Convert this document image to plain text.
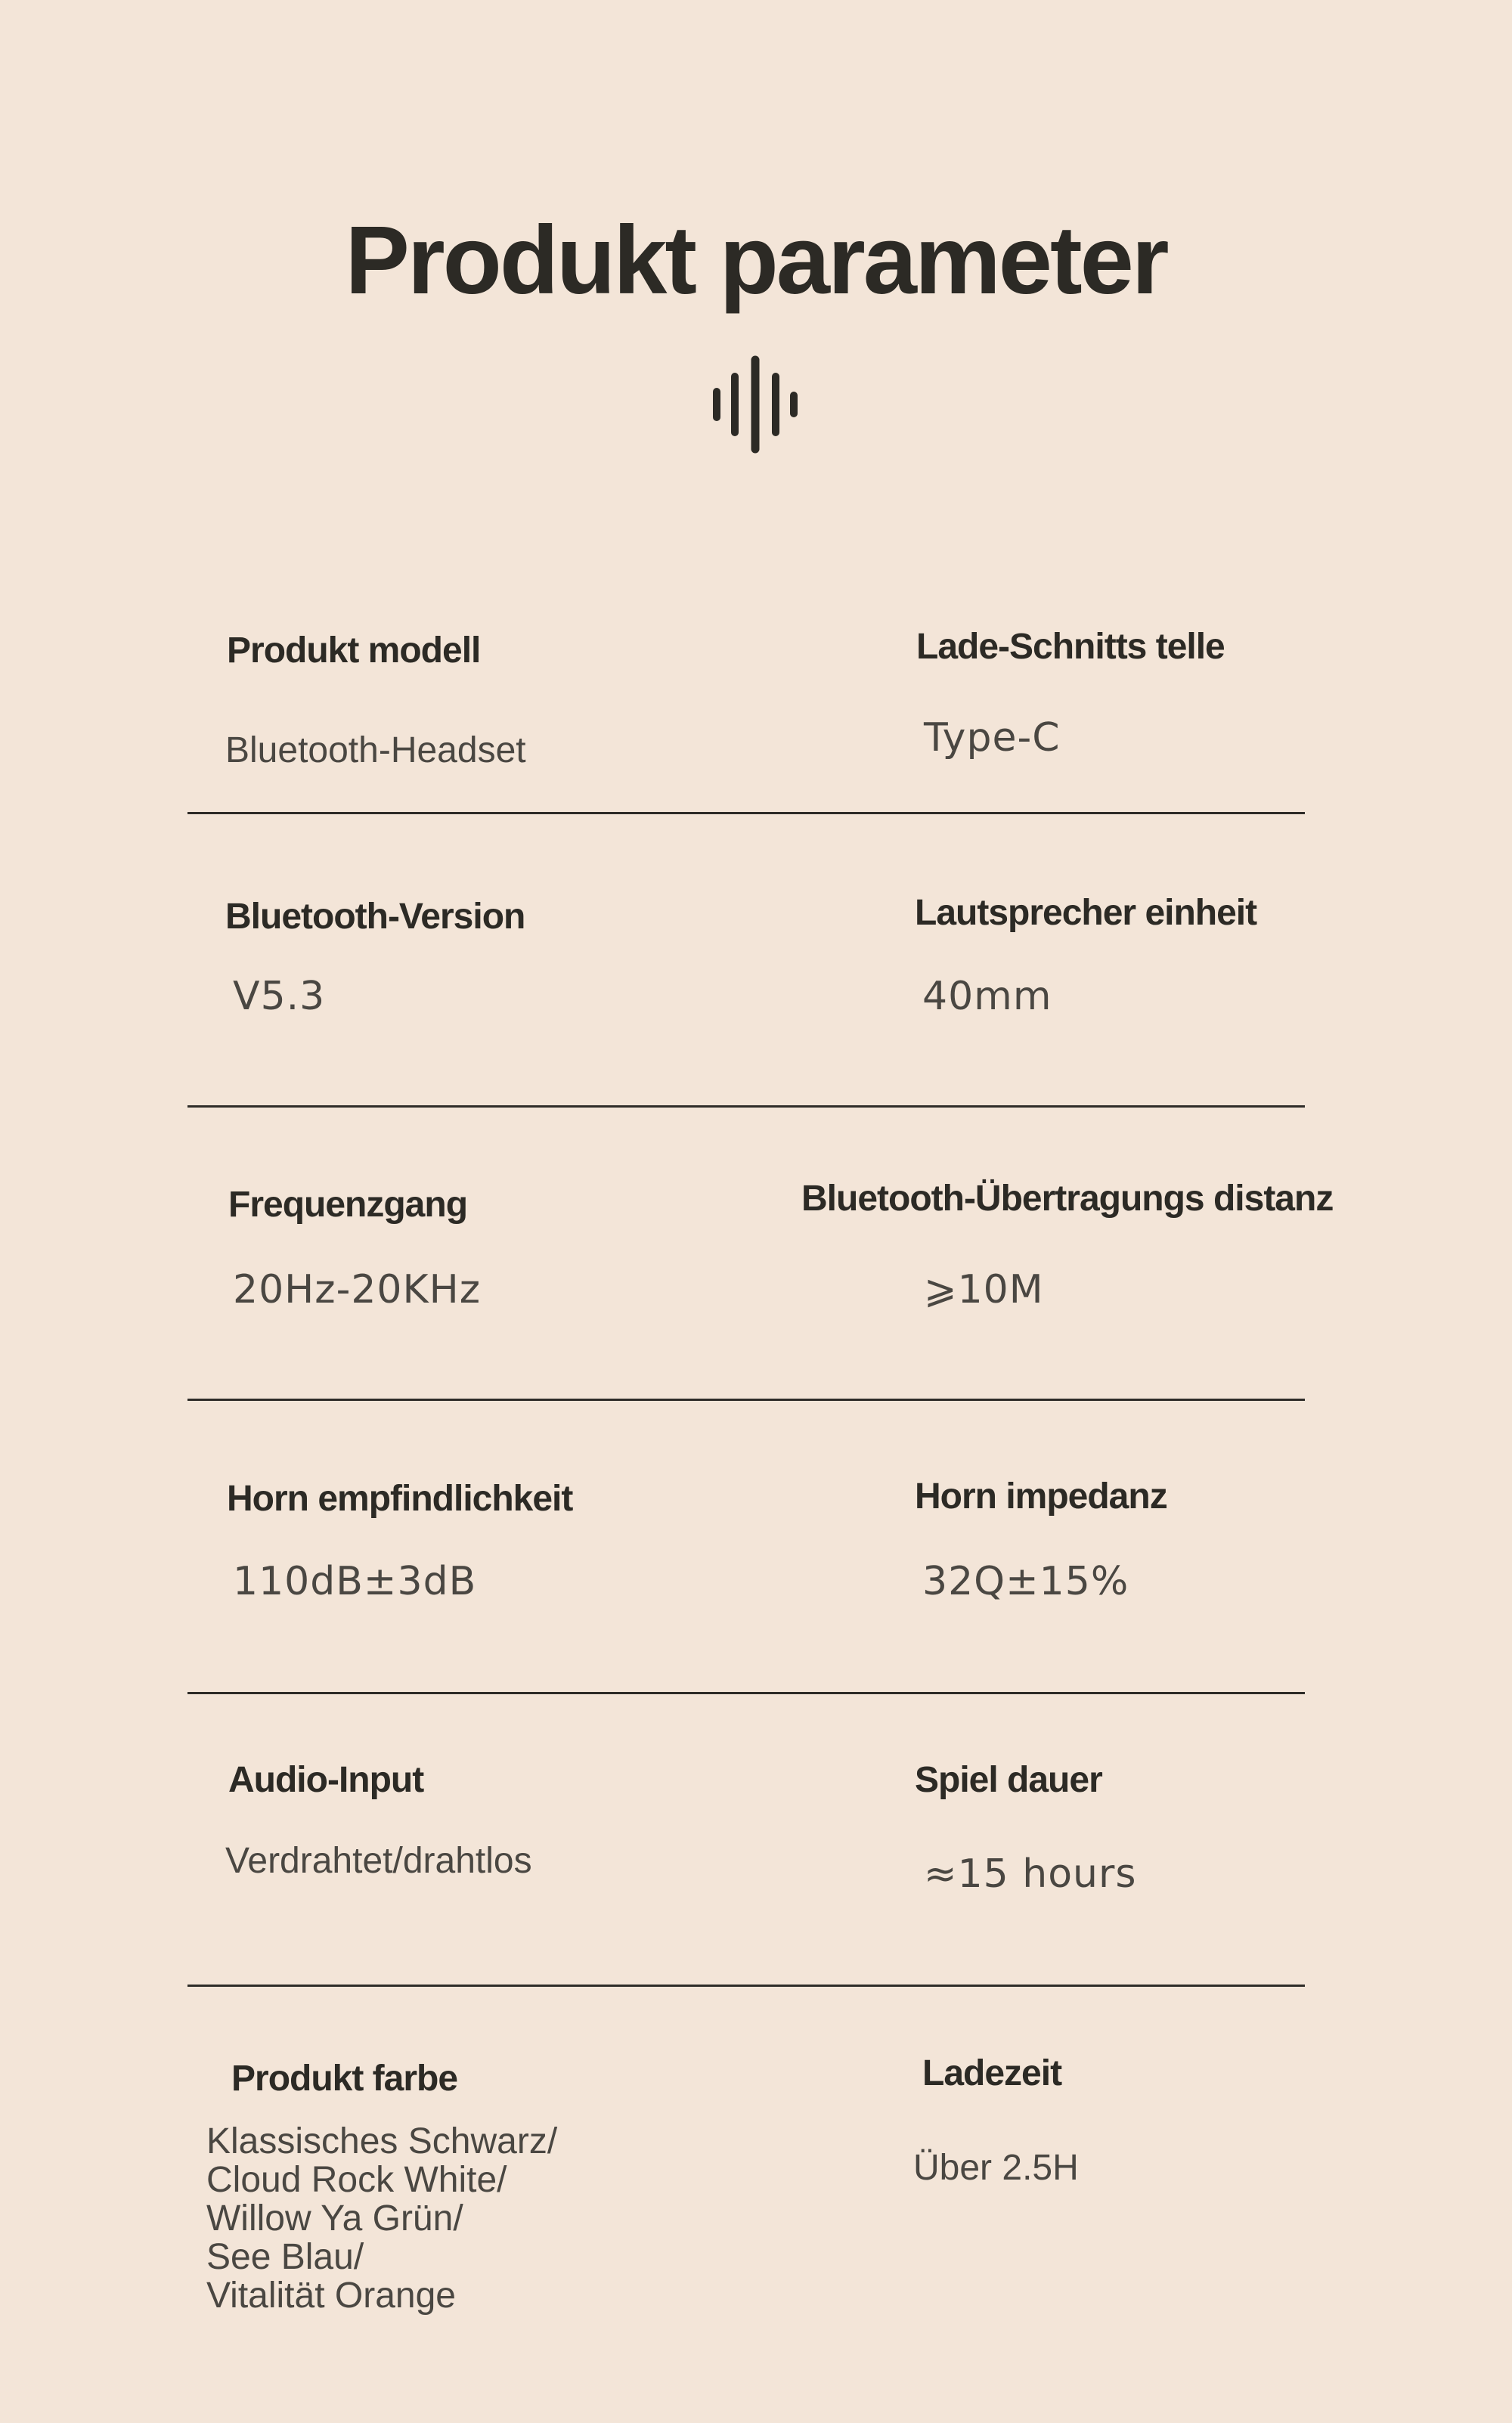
Produkt parameter
Produkt modell
Bluetooth-Headset
Lade-Schnitts telle
Type-C
Bluetooth-Version
V5.3
Lautsprecher einheit
40mm
Frequenzgang
20Hz-20KHz
Bluetooth-Übertragungs distanz
⩾10M
Horn empfindlichkeit
110dB±3dB
Horn impedanz
32Q±15%
Audio-Input
Verdrahtet/drahtlos
Spiel dauer
≈15 hours
Produkt farbe
Klassisches Schwarz/
Cloud Rock White/
Willow Ya Grün/
See Blau/
Vitalität Orange
Ladezeit
Über 2.5H
